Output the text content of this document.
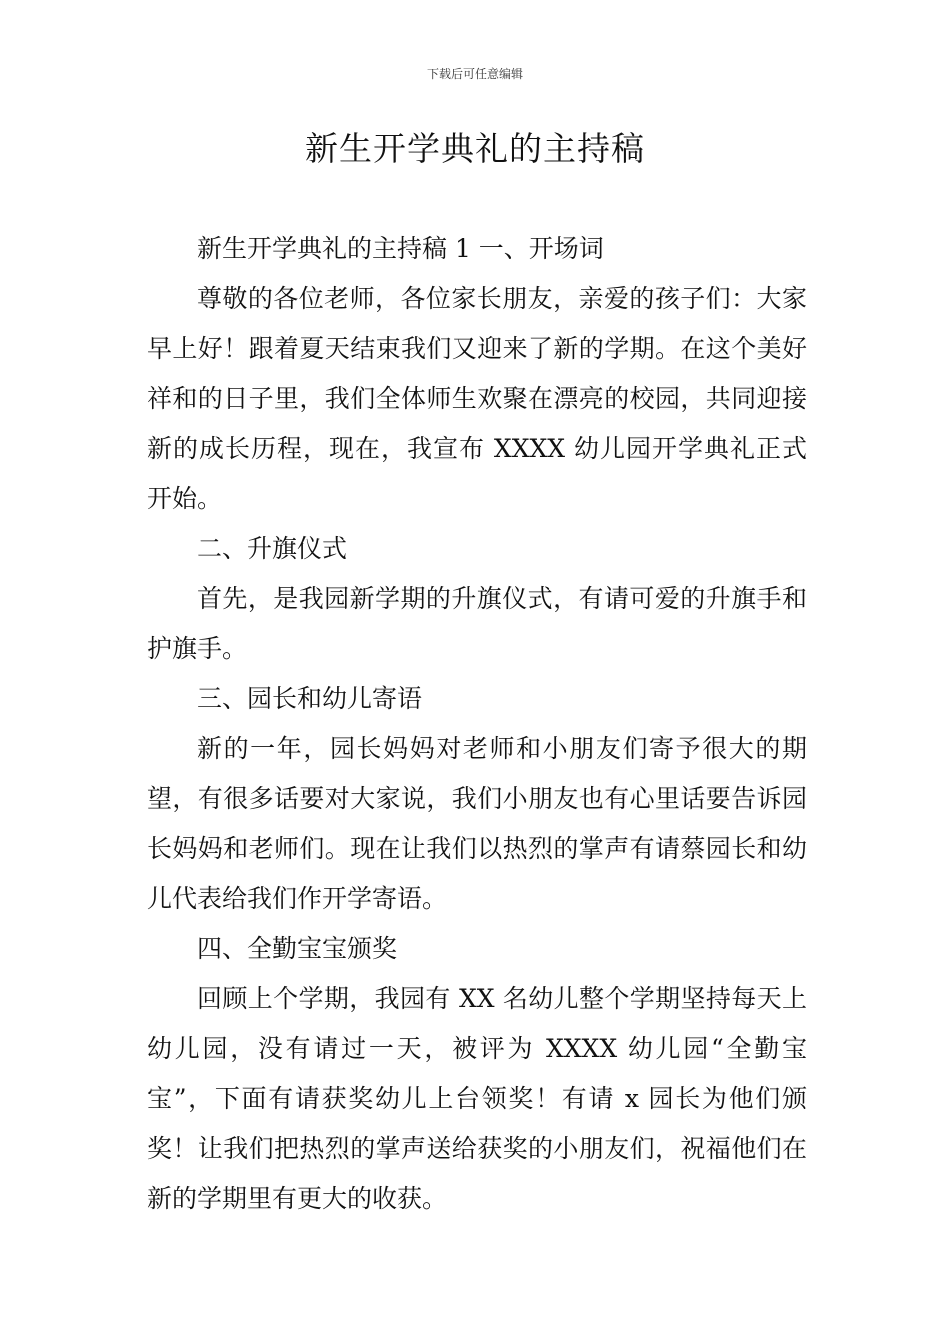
下载后可任意编辑
新生开学典礼的主持稿

新生开学典礼的主持稿 1 一、开场词

尊敬的各位老师，各位家长朋友，亲爱的孩子们：大家早上好！跟着夏天结束我们又迎来了新的学期。在这个美好祥和的日子里，我们全体师生欢聚在漂亮的校园，共同迎接新的成长历程，现在，我宣布 XXXX 幼儿园开学典礼正式开始。

二、升旗仪式

首先，是我园新学期的升旗仪式，有请可爱的升旗手和护旗手。

三、园长和幼儿寄语

新的一年，园长妈妈对老师和小朋友们寄予很大的期望，有很多话要对大家说，我们小朋友也有心里话要告诉园长妈妈和老师们。现在让我们以热烈的掌声有请蔡园长和幼儿代表给我们作开学寄语。

四、全勤宝宝颁奖

回顾上个学期，我园有 XX 名幼儿整个学期坚持每天上幼儿园，没有请过一天，被评为 XXXX 幼儿园“全勤宝宝”，下面有请获奖幼儿上台领奖！有请 x 园长为他们颁奖！让我们把热烈的掌声送给获奖的小朋友们，祝福他们在新的学期里有更大的收获。
